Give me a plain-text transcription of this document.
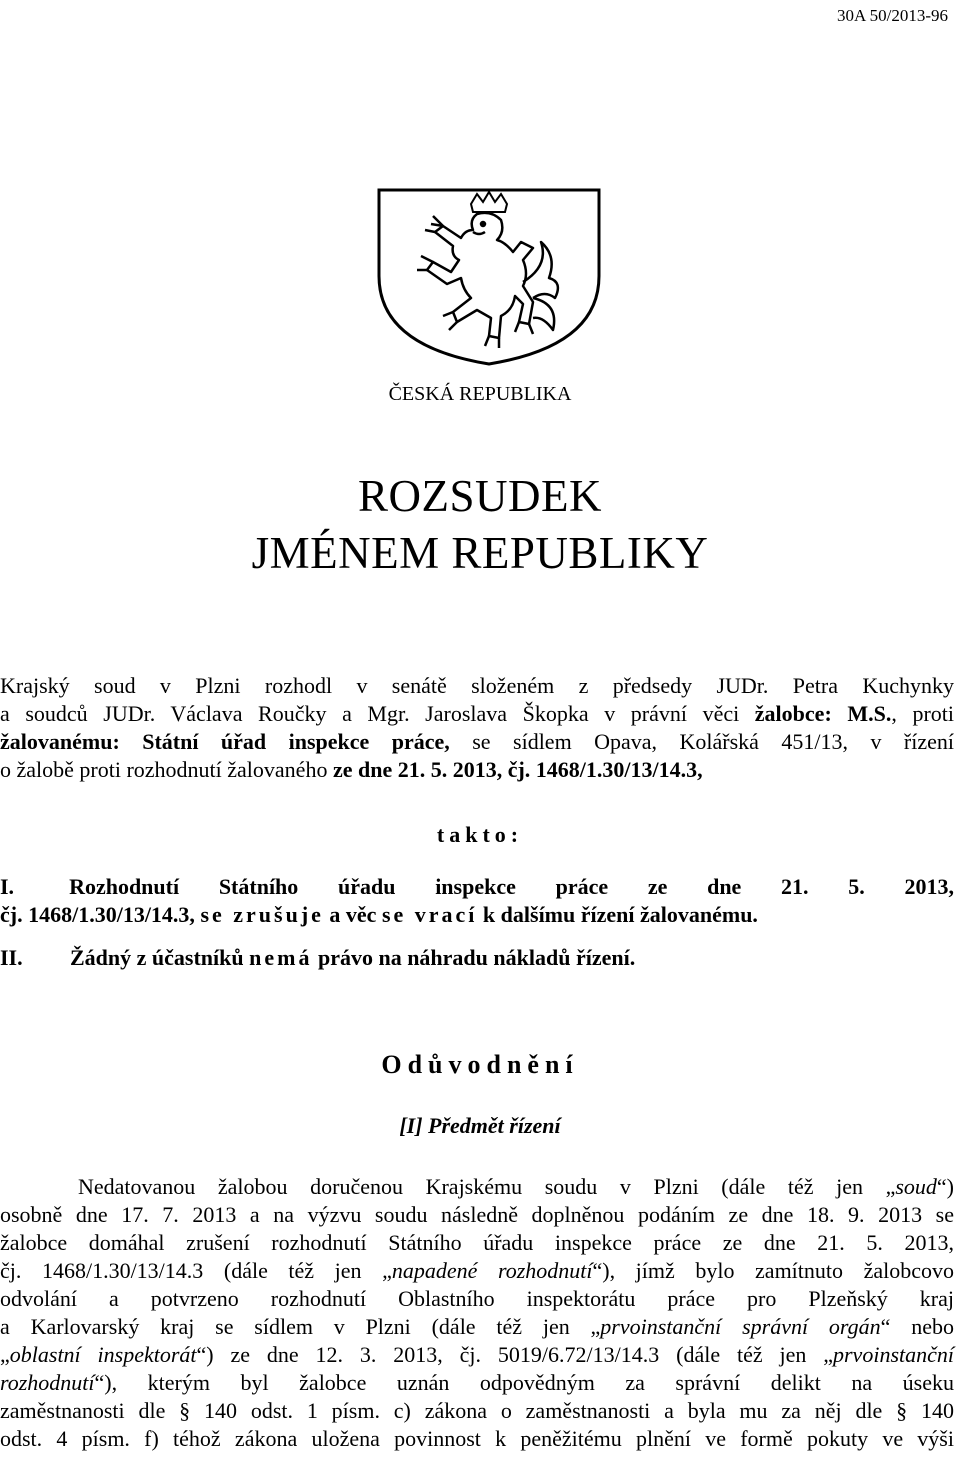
30A 50/2013-96
ČESKÁ REPUBLIKA
ROZSUDEK
JMÉNEM REPUBLIKY
Krajský soud v Plzni rozhodl v senátě složeném z předsedy JUDr. Petra Kuchynky
a soudců JUDr. Václava Roučky a Mgr. Jaroslava Škopka v právní věci žalobce: M.S., proti
žalovanému: Státní úřad inspekce práce, se sídlem Opava, Kolářská 451/13, v řízení
o žalobě proti rozhodnutí žalovaného ze dne 21. 5. 2013, čj. 1468/1.30/13/14.3,
takto:
I.	Rozhodnutí Státního úřadu inspekce práce ze dne 21. 5. 2013,
čj. 1468/1.30/13/14.3, se zrušuje a věc se vrací k dalšímu řízení žalovanému.
II. Žádný z účastníků nemá právo na náhradu nákladů řízení.
Odůvodnění
[I] Předmět řízení
Nedatovanou žalobou doručenou Krajskému soudu v Plzni (dále též jen „soud“)
osobně dne 17. 7. 2013 a na výzvu soudu následně doplněnou podáním ze dne 18. 9. 2013 se
žalobce domáhal zrušení rozhodnutí Státního úřadu inspekce práce ze dne 21. 5. 2013,
čj. 1468/1.30/13/14.3 (dále též jen „napadené rozhodnutí“), jímž bylo zamítnuto žalobcovo
odvolání a potvrzeno rozhodnutí Oblastního inspektorátu práce pro Plzeňský kraj
a Karlovarský kraj se sídlem v Plzni (dále též jen „prvoinstanční správní orgán“ nebo
„oblastní inspektorát“) ze dne 12. 3. 2013, čj. 5019/6.72/13/14.3 (dále též jen „prvoinstanční
rozhodnutí“), kterým byl žalobce uznán odpovědným za správní delikt na úseku
zaměstnanosti dle § 140 odst. 1 písm. c) zákona o zaměstnanosti a byla mu za něj dle § 140
odst. 4 písm. f) téhož zákona uložena povinnost k peněžitému plnění ve formě pokuty ve výši
